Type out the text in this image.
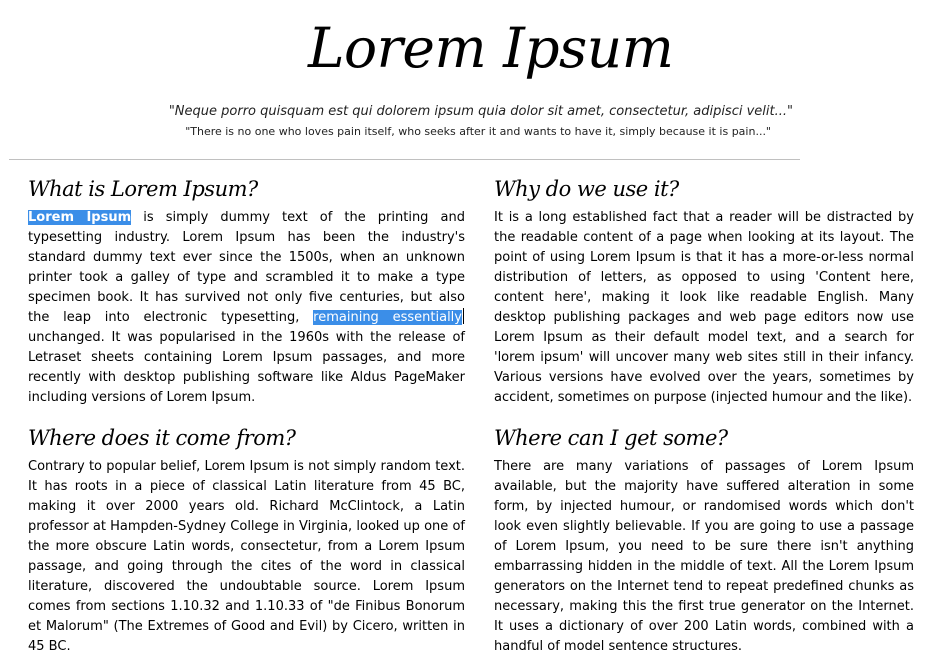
Lorem Ipsum
"Neque porro quisquam est qui dolorem ipsum quia dolor sit amet, consectetur, adipisci velit..."
"There is no one who loves pain itself, who seeks after it and wants to have it, simply because it is pain..."
What is Lorem Ipsum?

Lorem Ipsum is simply dummy text of the printing and typesetting industry. Lorem Ipsum has been the industry's standard dummy text ever since the 1500s, when an unknown printer took a galley of type and scrambled it to make a type specimen book. It has survived not only five centuries, but also the leap into electronic typesetting, remaining essentiallyunchanged. It was popularised in the 1960s with the release of Letraset sheets containing Lorem Ipsum passages, and more recently with desktop publishing software like Aldus PageMaker including versions of Lorem Ipsum.

Why do we use it?

It is a long established fact that a reader will be distracted by the readable content of a page when looking at its layout. The point of using Lorem Ipsum is that it has a more-or-less normal distribution of letters, as opposed to using 'Content here, content here', making it look like readable English. Many desktop publishing packages and web page editors now use Lorem Ipsum as their default model text, and a search for 'lorem ipsum' will uncover many web sites still in their infancy. Various versions have evolved over the years, sometimes by accident, sometimes on purpose (injected humour and the like).

Where does it come from?

Contrary to popular belief, Lorem Ipsum is not simply random text. It has roots in a piece of classical Latin literature from 45 BC, making it over 2000 years old. Richard McClintock, a Latin professor at Hampden-Sydney College in Virginia, looked up one of the more obscure Latin words, consectetur, from a Lorem Ipsum passage, and going through the cites of the word in classical literature, discovered the undoubtable source. Lorem Ipsum comes from sections 1.10.32 and 1.10.33 of "de Finibus Bonorum et Malorum" (The Extremes of Good and Evil) by Cicero, written in 45 BC.

Where can I get some?

There are many variations of passages of Lorem Ipsum available, but the majority have suffered alteration in some form, by injected humour, or randomised words which don't look even slightly believable. If you are going to use a passage of Lorem Ipsum, you need to be sure there isn't anything embarrassing hidden in the middle of text. All the Lorem Ipsum generators on the Internet tend to repeat predefined chunks as necessary, making this the first true generator on the Internet. It uses a dictionary of over 200 Latin words, combined with a handful of model sentence structures.
